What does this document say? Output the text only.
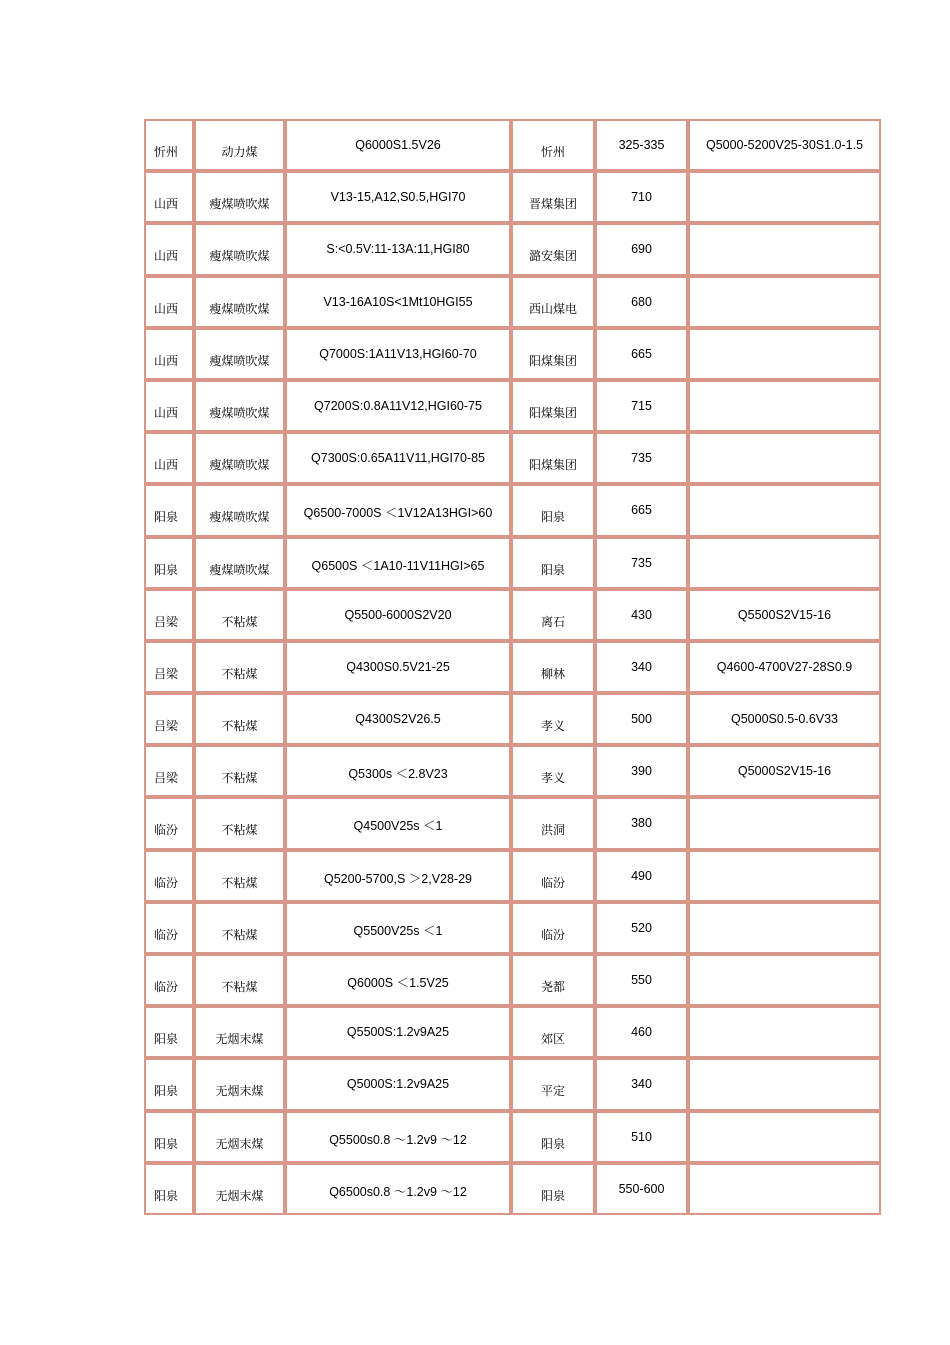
忻州	动力煤	Q6000S1.5V26	忻州	325-335	Q5000-5200V25-30S1.0-1.5

山西	瘦煤喷吹煤	V13-15,A12,S0.5,HGI70	晋煤集团	710	

山西	瘦煤喷吹煤	S:<0.5V:11-13A:11,HGI80	潞安集团	690	

山西	瘦煤喷吹煤	V13-16A10S<1Mt10HGI55	西山煤电	680	

山西	瘦煤喷吹煤	Q7000S:1A11V13,HGI60-70	阳煤集团	665	

山西	瘦煤喷吹煤	Q7200S:0.8A11V12,HGI60-75	阳煤集团	715	

山西	瘦煤喷吹煤	Q7300S:0.65A11V11,HGI70-85	阳煤集团	735	

阳泉	瘦煤喷吹煤	Q6500-7000S ＜1V12A13HGI>60	阳泉	665	

阳泉	瘦煤喷吹煤	Q6500S ＜1A10-11V11HGI>65	阳泉	735	

吕梁	不粘煤	Q5500-6000S2V20	离石	430	Q5500S2V15-16

吕梁	不粘煤	Q4300S0.5V21-25	柳林	340	Q4600-4700V27-28S0.9

吕梁	不粘煤	Q4300S2V26.5	孝义	500	Q5000S0.5-0.6V33

吕梁	不粘煤	Q5300s ＜2.8V23	孝义	390	Q5000S2V15-16

临汾	不粘煤	Q4500V25s ＜1	洪洞	380	

临汾	不粘煤	Q5200-5700,S ＞2,V28-29	临汾	490	

临汾	不粘煤	Q5500V25s ＜1	临汾	520	

临汾	不粘煤	Q6000S ＜1.5V25	尧都	550	

阳泉	无烟末煤	Q5500S:1.2v9A25	郊区	460	

阳泉	无烟末煤	Q5000S:1.2v9A25	平定	340	

阳泉	无烟末煤	Q5500s0.8 ～1.2v9 ～12	阳泉	510	

阳泉	无烟末煤	Q6500s0.8 ～1.2v9 ～12	阳泉	550-600	
